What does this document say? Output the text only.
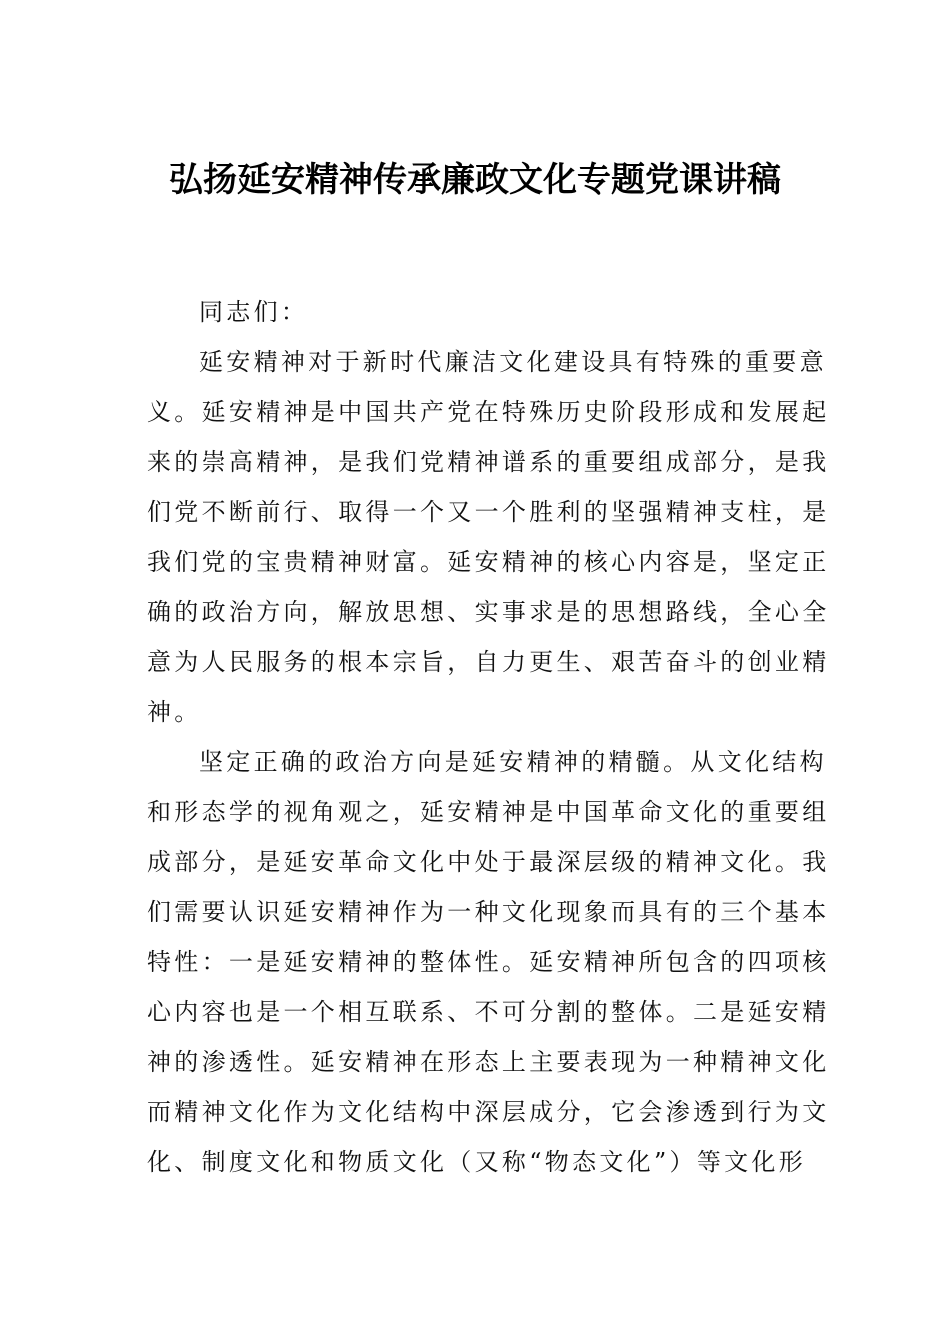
弘扬延安精神传承廉政文化专题党课讲稿
同志们：
延安精神对于新时代廉洁文化建设具有特殊的重要意
义。延安精神是中国共产党在特殊历史阶段形成和发展起
来的崇高精神，是我们党精神谱系的重要组成部分，是我
们党不断前行、取得一个又一个胜利的坚强精神支柱，是
我们党的宝贵精神财富。延安精神的核心内容是，坚定正
确的政治方向，解放思想、实事求是的思想路线，全心全
意为人民服务的根本宗旨，自力更生、艰苦奋斗的创业精
神。
坚定正确的政治方向是延安精神的精髓。从文化结构
和形态学的视角观之，延安精神是中国革命文化的重要组
成部分，是延安革命文化中处于最深层级的精神文化。我
们需要认识延安精神作为一种文化现象而具有的三个基本
特性：一是延安精神的整体性。延安精神所包含的四项核
心内容也是一个相互联系、不可分割的整体。二是延安精
神的渗透性。延安精神在形态上主要表现为一种精神文化
而精神文化作为文化结构中深层成分，它会渗透到行为文
化、制度文化和物质文化（又称“物态文化”）等文化形
